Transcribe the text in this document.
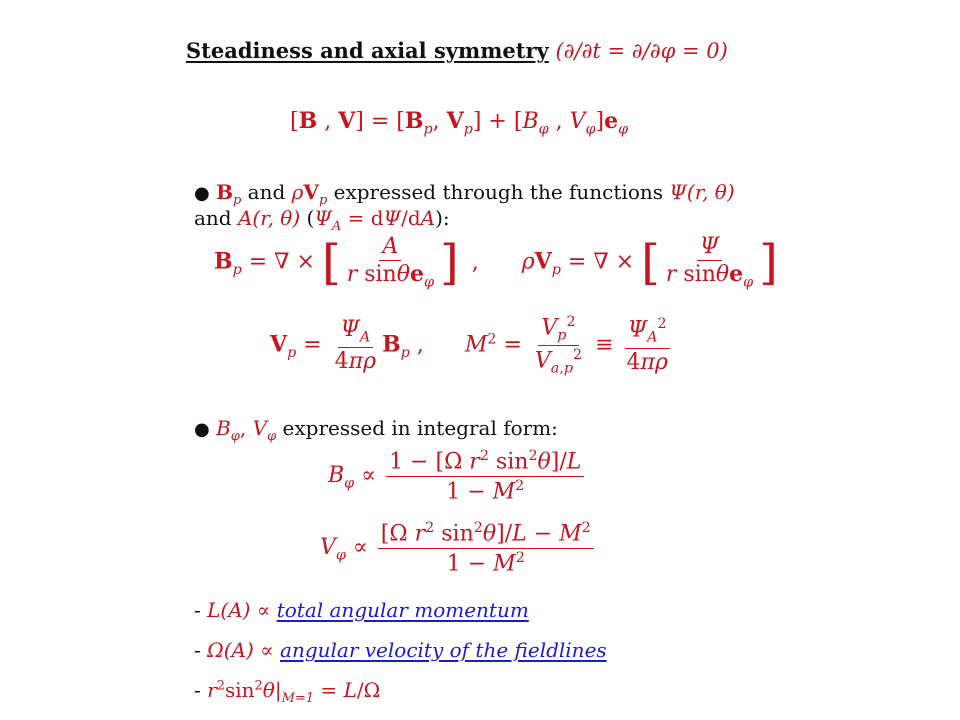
Steadiness and axial symmetry (∂/∂t = ∂/∂φ = 0)
[B , $V] = [B_p$, $V_p] + [B_\varphi$ , $V_\varphi]e_\varphi$
● $B_p$ and $\rho V_p$ expressed through the functions Ψ(r, θ)
and A(r, θ) $(\Psi_A = d\Psi/dA)$:
$B_p$ = ∇ × [ $\frac{A}{r \sin\theta e_\varphi}$ ] , $\rho V_p$ = ∇ × [ $\frac{\Psi}{r \sin\theta e_\varphi}$ ]
$V_p = \frac{\Psi_A}{4\pi\rho} B_p$ , $M^2 = \frac{V_p^2}{V_{a,p}^2} \equiv \frac{\Psi_A^2}{4\pi\rho}$
● $B_\varphi$, $V_\varphi$ expressed in integral form:
$B_\varphi \propto \frac{1 - [\Omega r^2 \sin^2\theta]/L}{1 - M^2}$
$V_\varphi \propto \frac{[\Omega r^2 \sin^2\theta]/L - M^2}{1 - M^2}$
- L(A) ∝ total angular momentum
- Ω(A) ∝ angular velocity of the fieldlines
- $r^2\sin^2\theta|_{M=1} = L/\Omega$
